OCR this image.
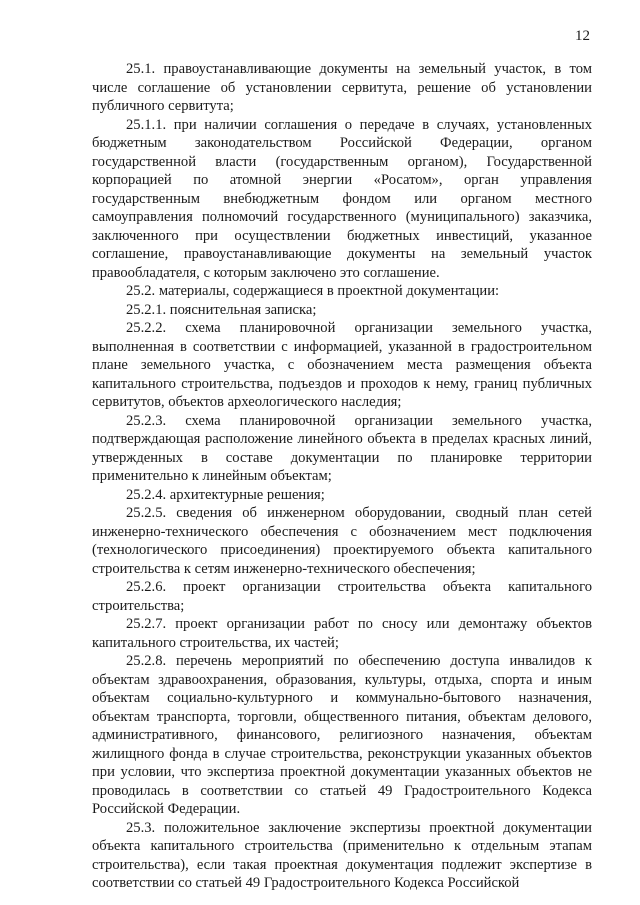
12

25.1. правоустанавливающие документы на земельный участок, в том числе соглашение об установлении сервитута, решение об установлении публичного сервитута;

25.1.1. при наличии соглашения о передаче в случаях, установленных бюджетным законодательством Российской Федерации, органом государственной власти (государственным органом), Государственной корпорацией по атомной энергии «Росатом», орган управления государственным внебюджетным фондом или органом местного самоуправления полномочий государственного (муниципального) заказчика, заключенного при осуществлении бюджетных инвестиций, указанное соглашение, правоустанавливающие документы на земельный участок правообладателя, с которым заключено это соглашение.

25.2. материалы, содержащиеся в проектной документации:

25.2.1. пояснительная записка;

25.2.2. схема планировочной организации земельного участка, выполненная в соответствии с информацией, указанной в градостроительном плане земельного участка, с обозначением места размещения объекта капитального строительства, подъездов и проходов к нему, границ публичных сервитутов, объектов археологического наследия;

25.2.3. схема планировочной организации земельного участка, подтверждающая расположение линейного объекта в пределах красных линий, утвержденных в составе документации по планировке территории применительно к линейным объектам;

25.2.4. архитектурные решения;

25.2.5. сведения об инженерном оборудовании, сводный план сетей инженерно-технического обеспечения с обозначением мест подключения (технологического присоединения) проектируемого объекта капитального строительства к сетям инженерно-технического обеспечения;

25.2.6. проект организации строительства объекта капитального строительства;

25.2.7. проект организации работ по сносу или демонтажу объектов капитального строительства, их частей;

25.2.8. перечень мероприятий по обеспечению доступа инвалидов к объектам здравоохранения, образования, культуры, отдыха, спорта и иным объектам социально-культурного и коммунально-бытового назначения, объектам транспорта, торговли, общественного питания, объектам делового, административного, финансового, религиозного назначения, объектам жилищного фонда в случае строительства, реконструкции указанных объектов при условии, что экспертиза проектной документации указанных объектов не проводилась в соответствии со статьей 49 Градостроительного Кодекса Российской Федерации.

25.3. положительное заключение экспертизы проектной документации объекта капитального строительства (применительно к отдельным этапам строительства), если такая проектная документация подлежит экспертизе в соответствии со статьей 49 Градостроительного Кодекса Российской
